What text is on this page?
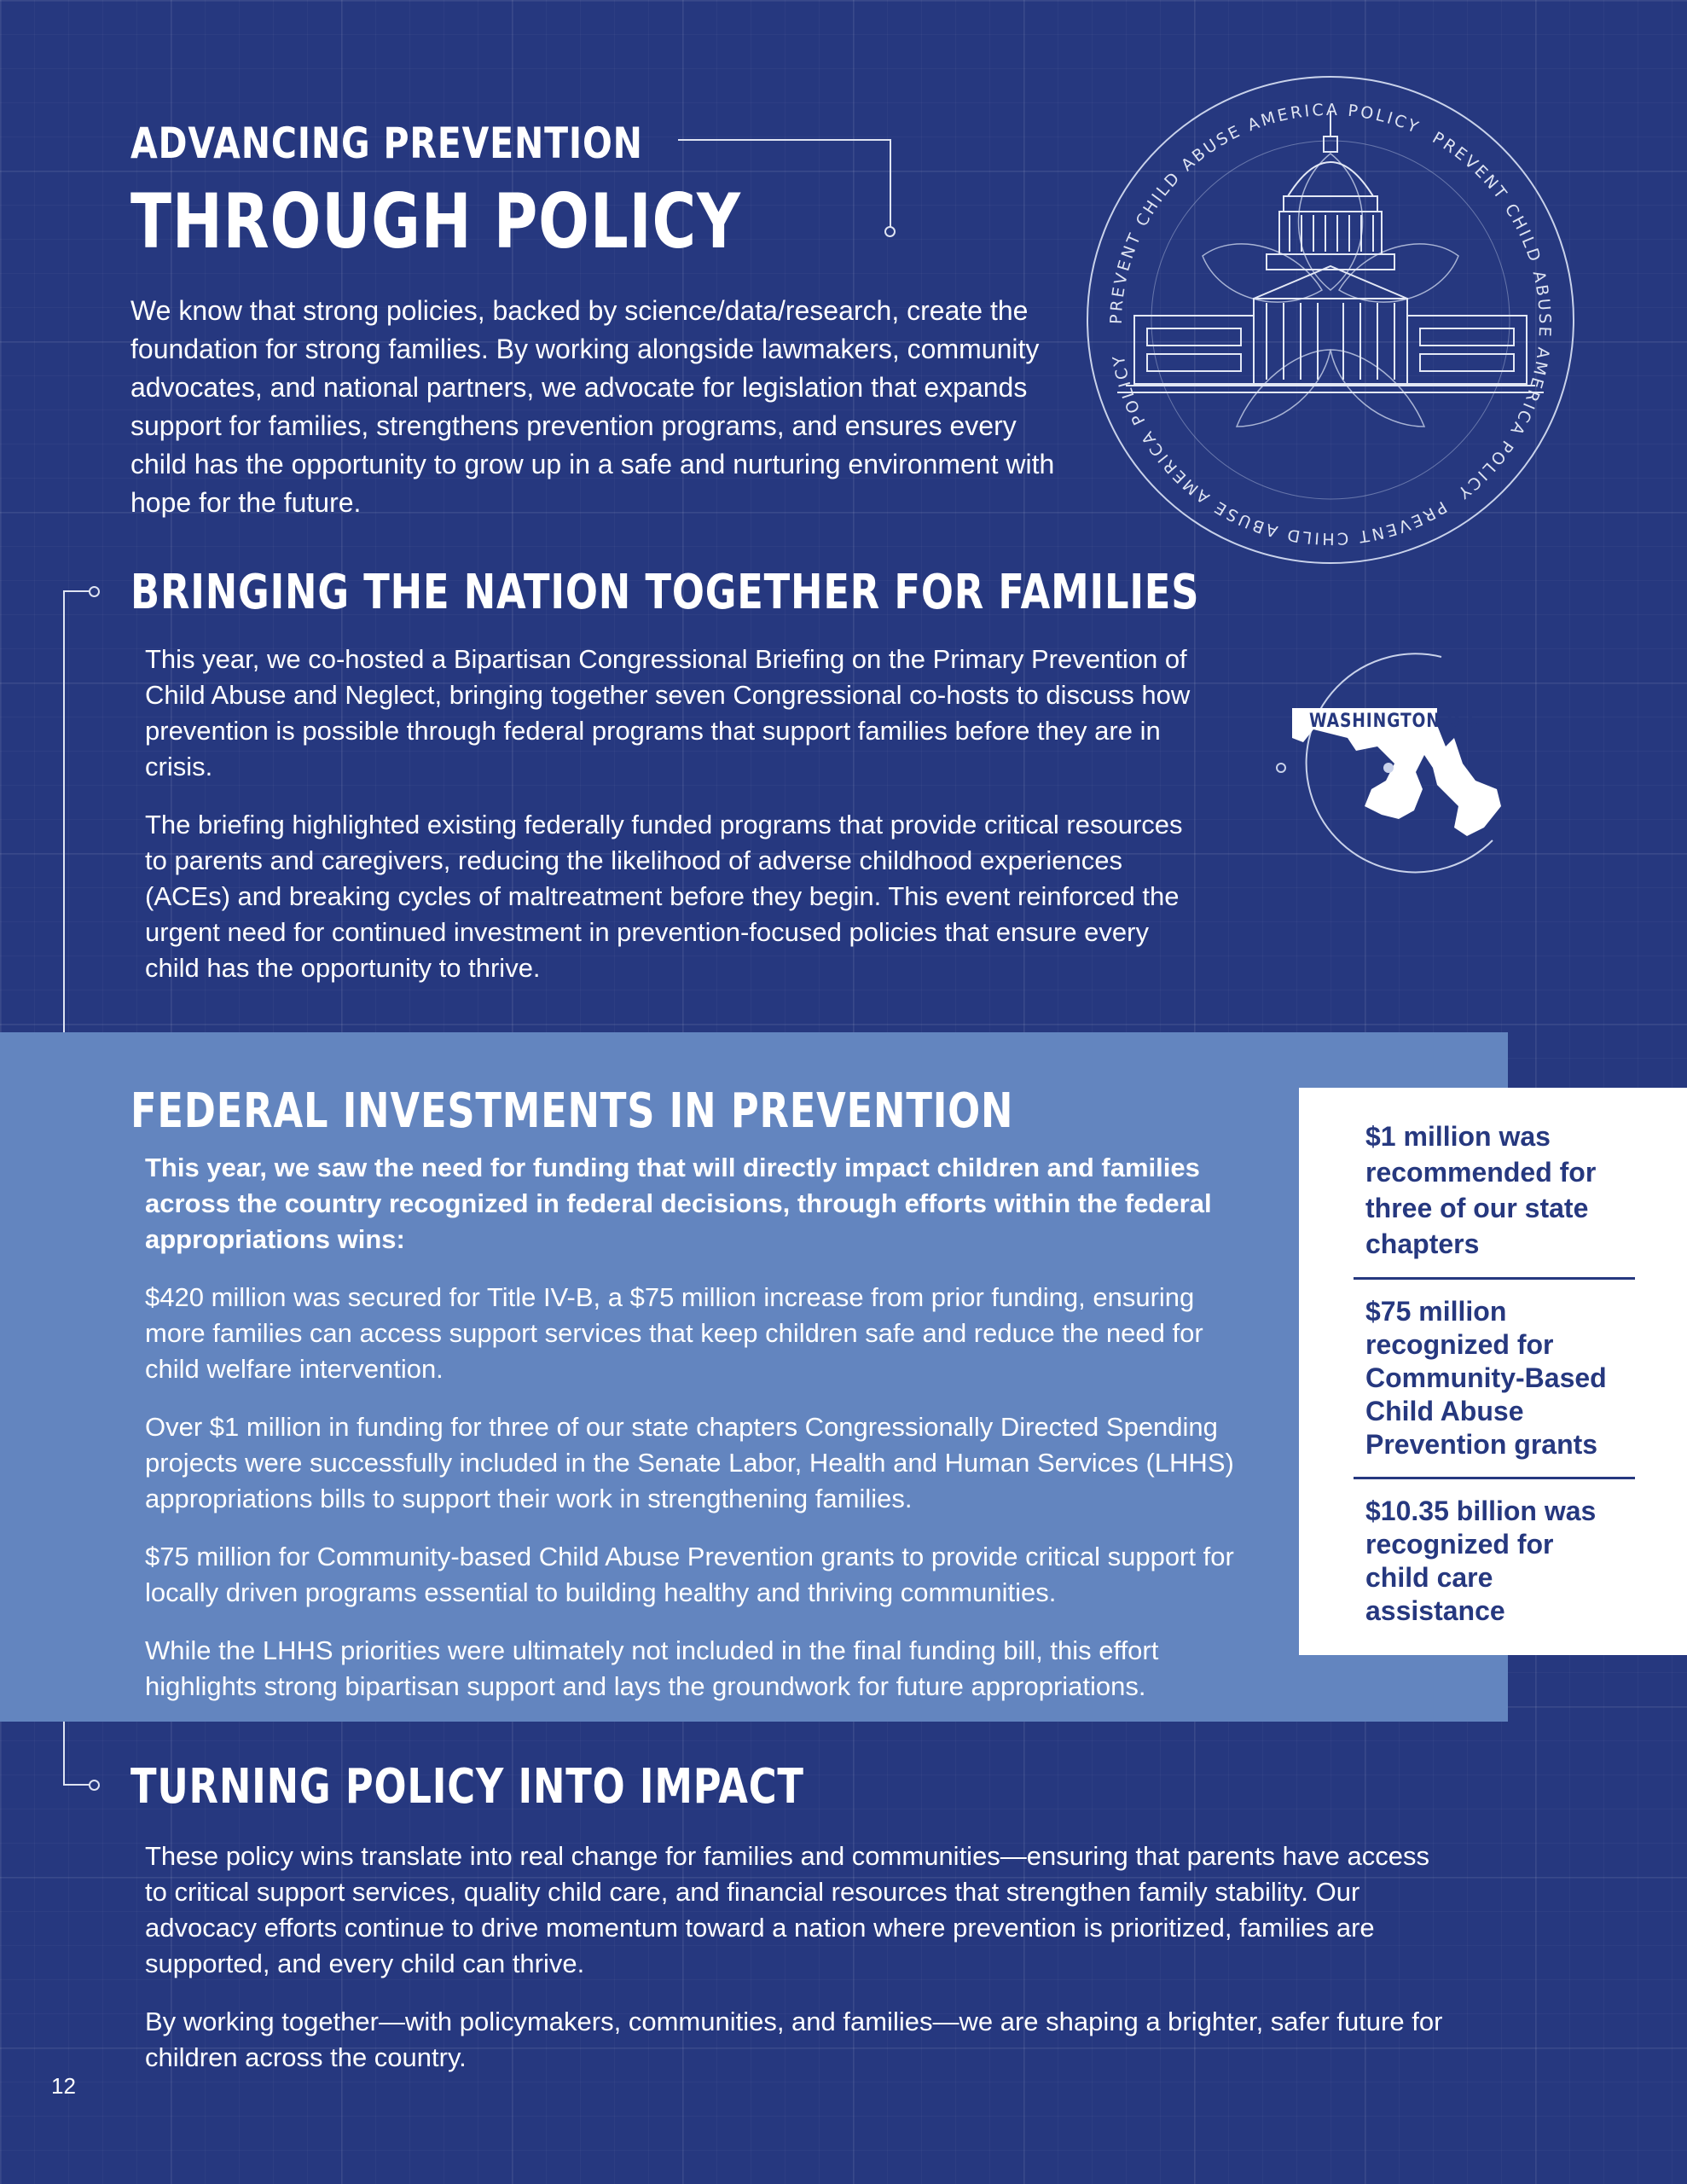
ADVANCING PREVENTION
THROUGH POLICY
We know that strong policies, backed by science/data/research, create the foundation for strong families. By working alongside lawmakers, community advocates, and national partners, we advocate for legislation that expands support for families, strengthens prevention programs, and ensures every child has the opportunity to grow up in a safe and nurturing environment with hope for the future.
PREVENT CHILD ABUSE AMERICA POLICY
PREVENT CHILD ABUSE AMERICA POLICY
PREVENT CHILD ABUSE AMERICA POLICY
BRINGING THE NATION TOGETHER FOR FAMILIES

This year, we co-hosted a Bipartisan Congressional Briefing on the Primary Prevention of Child Abuse and Neglect, bringing together seven Congressional co-hosts to discuss how prevention is possible through federal programs that support families before they are in crisis.

The briefing highlighted existing federally funded programs that provide critical resources to parents and caregivers, reducing the likelihood of adverse childhood experiences (ACEs) and breaking cycles of maltreatment before they begin. This event reinforced the urgent need for continued investment in prevention-focused policies that ensure every child has the opportunity to thrive.

WASHINGTON D.C.
FEDERAL INVESTMENTS IN PREVENTION

This year, we saw the need for funding that will directly impact children and families across the country recognized in federal decisions, through efforts within the federal appropriations wins:

$420 million was secured for Title IV-B, a $75 million increase from prior funding, ensuring more families can access support services that keep children safe and reduce the need for child welfare intervention.

Over $1 million in funding for three of our state chapters Congressionally Directed Spending projects were successfully included in the Senate Labor, Health and Human Services (LHHS) appropriations bills to support their work in strengthening families.

$75 million for Community-based Child Abuse Prevention grants to provide critical support for locally driven programs essential to building healthy and thriving communities.

While the LHHS priorities were ultimately not included in the final funding bill, this effort highlights strong bipartisan support and lays the groundwork for future appropriations.

$1 million was recommended for three of our state chapters
$75 million recognized for Community-Based Child Abuse Prevention grants
$10.35 billion was recognized for child care assistance
TURNING POLICY INTO IMPACT

These policy wins translate into real change for families and communities—ensuring that parents have access to critical support services, quality child care, and financial resources that strengthen family stability. Our advocacy efforts continue to drive momentum toward a nation where prevention is prioritized, families are supported, and every child can thrive.

By working together—with policymakers, communities, and families—we are shaping a brighter, safer future for children across the country.

12
